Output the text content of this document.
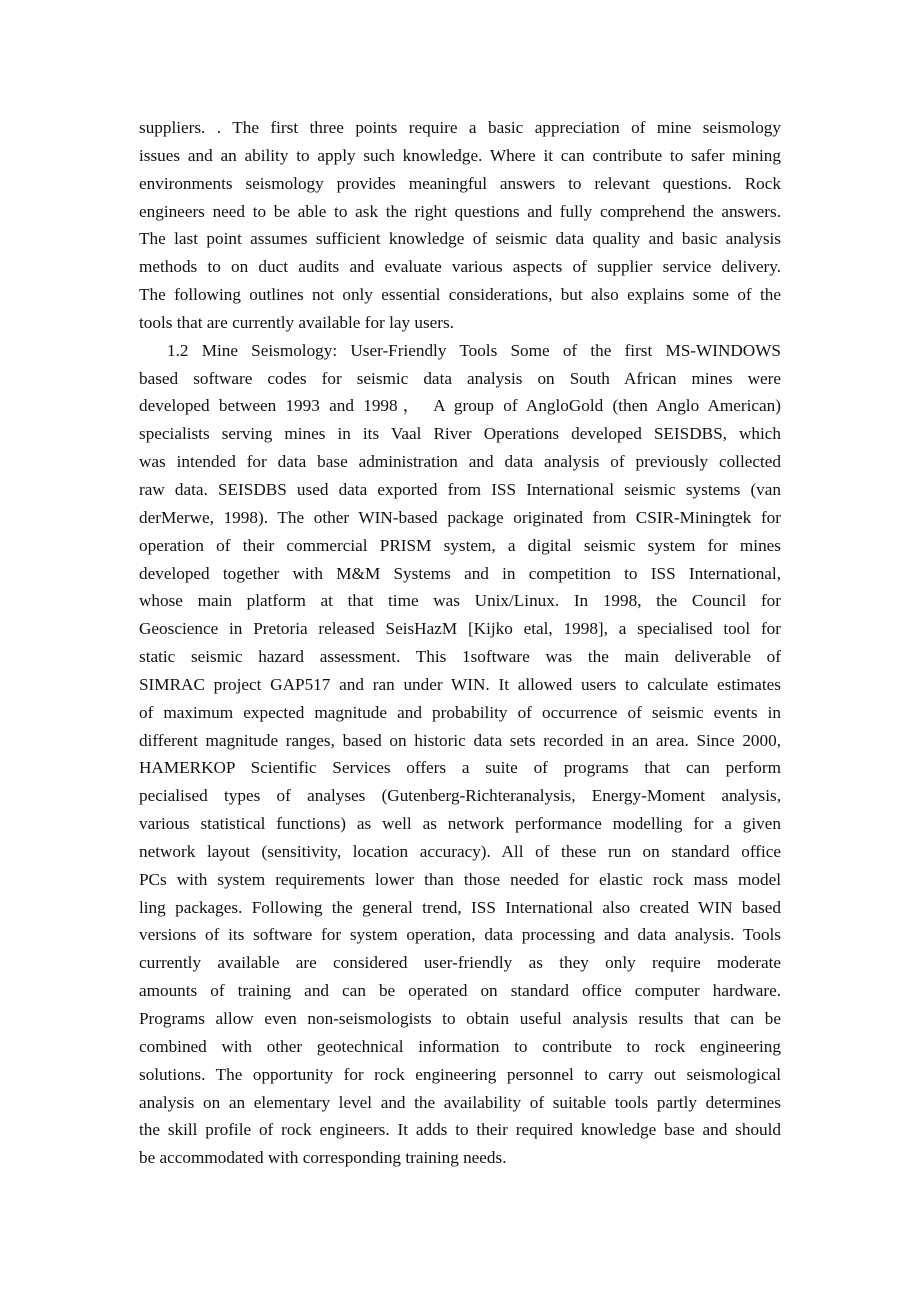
suppliers. . The first three points require a basic appreciation of mine seismology
issues and an ability to apply such knowledge. Where it can contribute to safer mining
environments seismology provides meaningful answers to relevant questions. Rock
engineers need to be able to ask the right questions and fully comprehend the answers.
The last point assumes sufficient knowledge of seismic data quality and basic analysis
methods to on duct audits and evaluate various aspects of supplier service delivery.
The following outlines not only essential considerations, but also explains some of the
tools that are currently available for lay users.
1.2 Mine Seismology: User-Friendly Tools Some of the first MS-WINDOWS
based software codes for seismic data analysis on South African mines were
developed between 1993 and 1998， A group of AngloGold (then Anglo American)
specialists serving mines in its Vaal River Operations developed SEISDBS, which
was intended for data base administration and data analysis of previously collected
raw data. SEISDBS used data exported from ISS International seismic systems (van
derMerwe, 1998). The other WIN-based package originated from CSIR-Miningtek for
operation of their commercial PRISM system, a digital seismic system for mines
developed together with M&M Systems and in competition to ISS International,
whose main platform at that time was Unix/Linux. In 1998, the Council for
Geoscience in Pretoria released SeisHazM [Kijko etal, 1998], a specialised tool for
static seismic hazard assessment. This 1software was the main deliverable of
SIMRAC project GAP517 and ran under WIN. It allowed users to calculate estimates
of maximum expected magnitude and probability of occurrence of seismic events in
different magnitude ranges, based on historic data sets recorded in an area. Since 2000,
HAMERKOP Scientific Services offers a suite of programs that can perform
pecialised types of analyses (Gutenberg-Richteranalysis, Energy-Moment analysis,
various statistical functions) as well as network performance modelling for a given
network layout (sensitivity, location accuracy). All of these run on standard office
PCs with system requirements lower than those needed for elastic rock mass model
ling packages. Following the general trend, ISS International also created WIN based
versions of its software for system operation, data processing and data analysis. Tools
currently available are considered user-friendly as they only require moderate
amounts of training and can be operated on standard office computer hardware.
Programs allow even non-seismologists to obtain useful analysis results that can be
combined with other geotechnical information to contribute to rock engineering
solutions. The opportunity for rock engineering personnel to carry out seismological
analysis on an elementary level and the availability of suitable tools partly determines
the skill profile of rock engineers. It adds to their required knowledge base and should
be accommodated with corresponding training needs.
